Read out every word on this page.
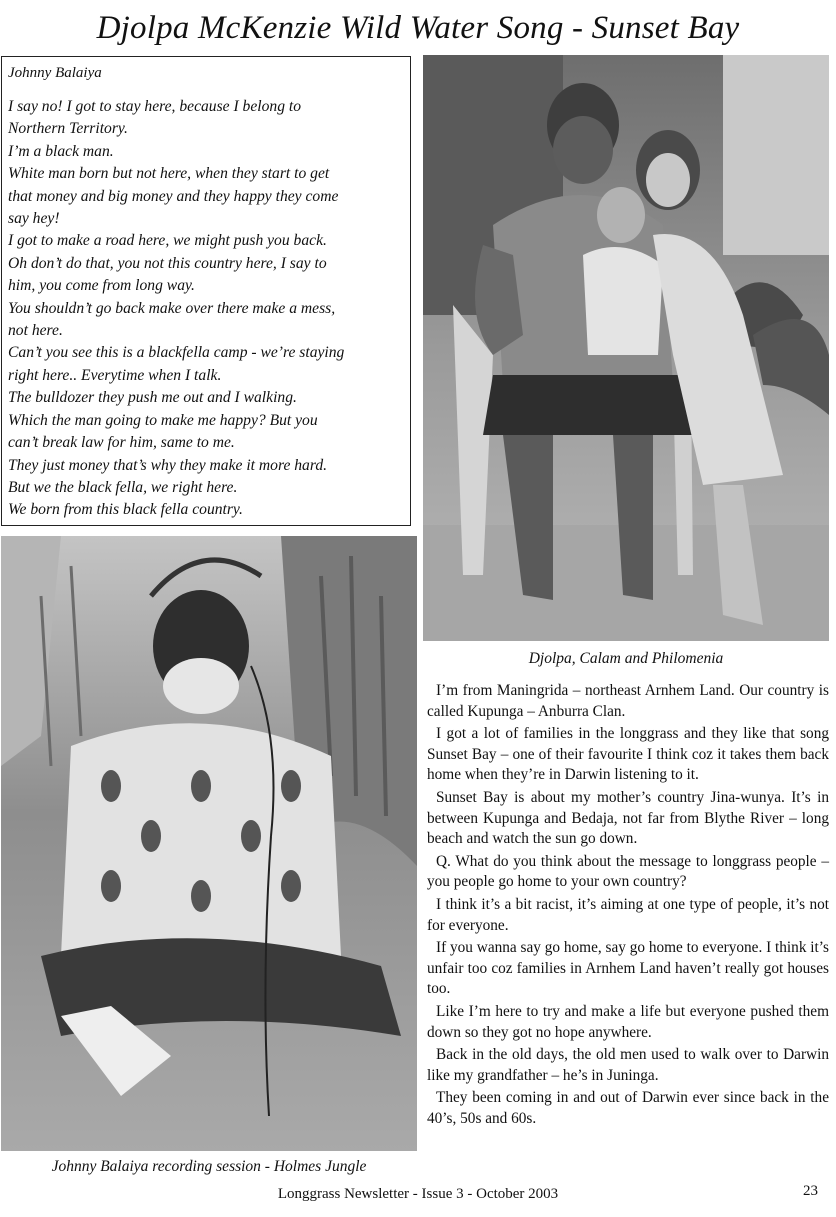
Djolpa McKenzie Wild Water Song - Sunset Bay
Johnny Balaiya

I say no! I got to stay here, because I belong to

Northern Territory.

I’m a black man.

White man born but not here, when they start to get

that money and big money and they happy they come

say hey!

I got to make a road here, we might push you back.

Oh don’t do that, you not this country here, I say to

him, you come from long way.

You shouldn’t go back make over there make a mess,

not here.

Can’t you see this is a blackfella camp - we’re staying

right here.. Everytime when I talk.

The bulldozer they push me out and I walking.

Which the man going to make me happy? But you

can’t break law for him, same to me.

They just money that’s why they make it more hard.

But we the black fella, we right here.

We born from this black fella country.

Djolpa, Calam and Philomenia
Johnny Balaiya recording session - Holmes Jungle

I’m from Maningrida – northeast Arnhem Land. Our country is called Kupunga – Anburra Clan.

I got a lot of families in the longgrass and they like that song Sunset Bay – one of their favourite I think coz it takes them back home when they’re in Darwin listening to it.

Sunset Bay is about my mother’s country Jina-wunya. It’s in between Kupunga and Bedaja, not far from Blythe River – long beach and watch the sun go down.

Q. What do you think about the message to longgrass people – you people go home to your own country?

I think it’s a bit racist, it’s aiming at one type of people, it’s not for everyone.

If you wanna say go home, say go home to everyone. I think it’s unfair too coz families in Arnhem Land haven’t really got houses too.

Like I’m here to try and make a life but everyone pushed them down so they got no hope anywhere.

Back in the old days, the old men used to walk over to Darwin like my grandfather – he’s in Juninga.

They been coming in and out of Darwin ever since back in the 40’s, 50s and 60s.

Longgrass Newsletter - Issue 3 - October 2003	23
